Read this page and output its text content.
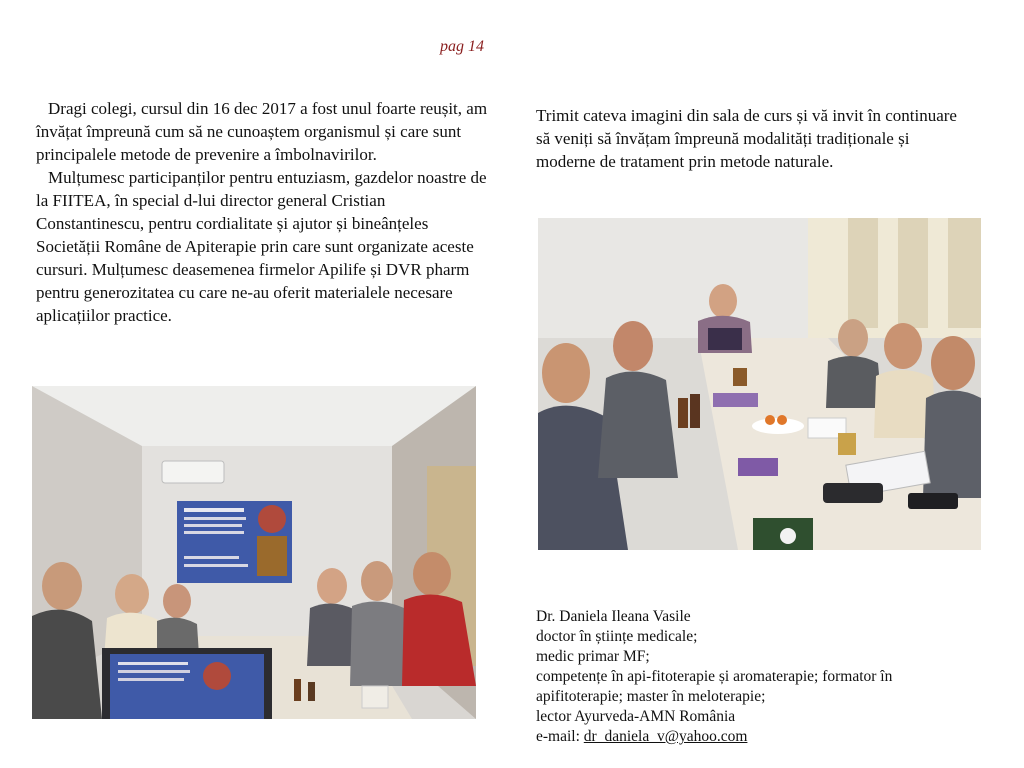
pag 14

Dragi colegi, cursul din 16 dec 2017 a fost unul foarte reușit, am învățat împreună cum să ne cunoaștem organismul și care sunt principalele metode de prevenire a îmbolnavirilor.

Mulțumesc participanților pentru entuziasm, gazdelor noastre de la FIITEA, în special d-lui director general Cristian Constantinescu, pentru cordialitate și ajutor și bineânțeles Societății Române de Apiterapie prin care sunt organizate aceste cursuri. Mulțumesc deasemenea firmelor Apilife și DVR pharm pentru generozitatea cu care ne-au oferit materialele necesare aplicațiilor practice.

Trimit cateva imagini din sala de curs și vă invit în continuare să veniți să învățam împreună modalități tradiționale și moderne de tratament prin metode naturale.

Dr. Daniela Ileana Vasile
doctor în științe medicale;
medic primar MF;
competențe în api-fitoterapie și aromaterapie; formator în
apifitoterapie; master în meloterapie;
lector Ayurveda-AMN România
e-mail: dr_daniela_v@yahoo.com
